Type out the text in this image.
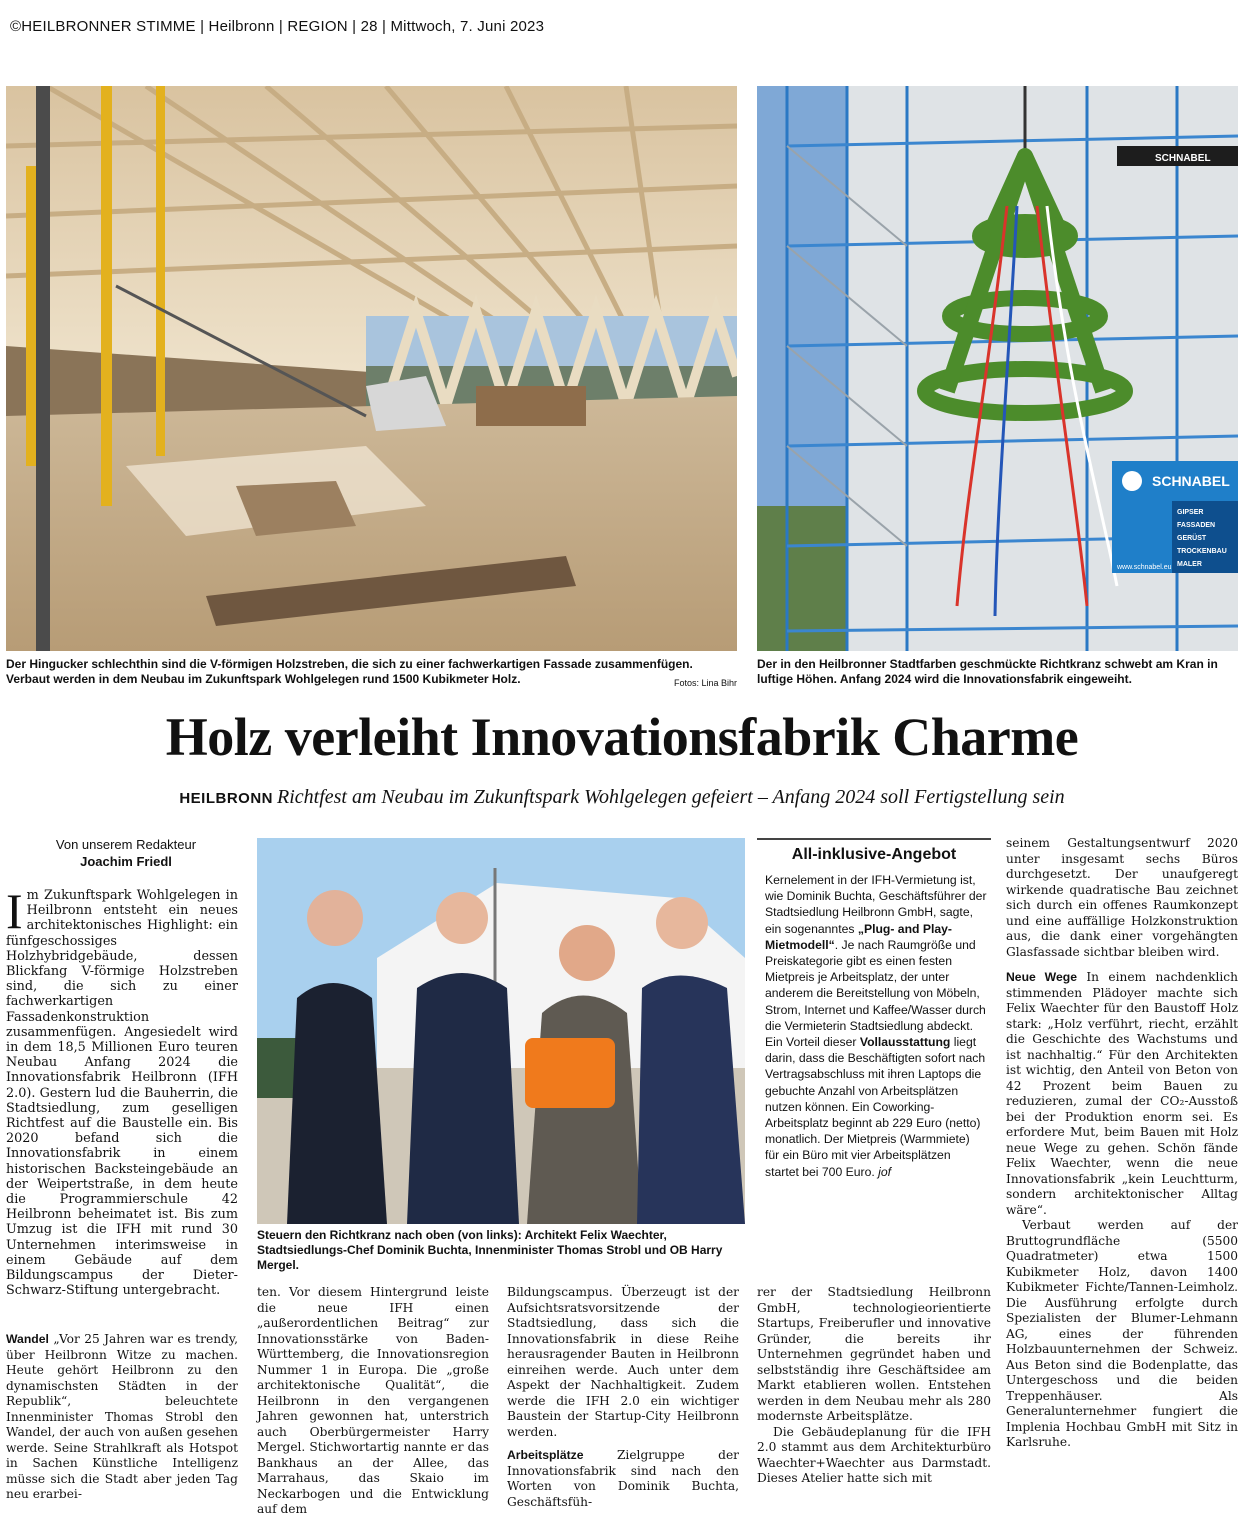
©HEILBRONNER STIMME | Heilbronn | REGION | 28 | Mittwoch, 7. Juni 2023
SCHNABEL
SCHNABEL
GIPSER
FASSADEN
GERÜST
TROCKENBAU
MALER
www.schnabel.eu
Der Hingucker schlechthin sind die V-förmigen Holzstreben, die sich zu einer fachwerkartigen Fassade zusammenfügen. Verbaut werden in dem Neubau im Zukunftspark Wohlgelegen rund 1500 Kubikmeter Holz.	Fotos: Lina Bihr
Der in den Heilbronner Stadtfarben geschmückte Richtkranz schwebt am Kran in luftige Höhen. Anfang 2024 wird die Innovationsfabrik eingeweiht.
Holz verleiht Innovationsfabrik Charme
HEILBRONN Richtfest am Neubau im Zukunftspark Wohlgelegen gefeiert – Anfang 2024 soll Fertigstellung sein
Von unserem Redakteur
Joachim Friedl
Im Zukunftspark Wohlgelegen in Heilbronn entsteht ein neues architektonisches Highlight: ein fünfgeschossiges Holzhybridgebäude, dessen Blickfang V-förmige Holzstreben sind, die sich zu einer fachwerkartigen Fassadenkonstruktion zusammenfügen. Angesiedelt wird in dem 18,5 Millionen Euro teuren Neubau Anfang 2024 die Innovationsfabrik Heilbronn (IFH 2.0). Gestern lud die Bauherrin, die Stadtsiedlung, zum geselligen Richtfest auf die Baustelle ein. Bis 2020 befand sich die Innovationsfabrik in einem historischen Backsteingebäude an der Weipertstraße, in dem heute die Programmierschule 42 Heilbronn beheimatet ist. Bis zum Umzug ist die IFH mit rund 30 Unternehmen interimsweise in einem Gebäude auf dem Bildungscampus der Dieter-Schwarz-Stiftung untergebracht.
Wandel „Vor 25 Jahren war es trendy, über Heilbronn Witze zu machen. Heute gehört Heilbronn zu den dynamischsten Städten in der Republik“, beleuchtete Innenminister Thomas Strobl den Wandel, der auch von außen gesehen werde. Seine Strahlkraft als Hotspot in Sachen Künstliche Intelligenz müsse sich die Stadt aber jeden Tag neu erarbei-
Steuern den Richtkranz nach oben (von links): Architekt Felix Waechter, Stadtsiedlungs-Chef Dominik Buchta, Innenminister Thomas Strobl und OB Harry Mergel.
ten. Vor diesem Hintergrund leiste die neue IFH einen „außerordentlichen Beitrag“ zur Innovationsstärke von Baden-Württemberg, die Innovationsregion Nummer 1 in Europa. Die „große architektonische Qualität“, die Heilbronn in den vergangenen Jahren gewonnen hat, unterstrich auch Oberbürgermeister Harry Mergel. Stichwortartig nannte er das Bankhaus an der Allee, das Marrahaus, das Skaio im Neckarbogen und die Entwicklung auf dem

Bildungscampus. Überzeugt ist der Aufsichtsratsvorsitzende der Stadtsiedlung, dass sich die Innovationsfabrik in diese Reihe herausragender Bauten in Heilbronn einreihen werde. Auch unter dem Aspekt der Nachhaltigkeit. Zudem werde die IFH 2.0 ein wichtiger Baustein der Startup-City Heilbronn werden.

Arbeitsplätze	Zielgruppe der Innovationsfabrik sind nach den Worten von Dominik Buchta, Geschäftsfüh-

All-inklusive-Angebot
Kernelement in der IFH-Vermietung ist, wie Dominik Buchta, Geschäftsführer der Stadtsiedlung Heilbronn GmbH, sagte, ein sogenanntes „Plug- and Play-Mietmodell“. Je nach Raumgröße und Preiskategorie gibt es einen festen Mietpreis je Arbeitsplatz, der unter anderem die Bereitstellung von Möbeln, Strom, Internet und Kaffee/Wasser durch die Vermieterin Stadtsiedlung abdeckt. Ein Vorteil dieser Vollausstattung liegt darin, dass die Beschäftigten sofort nach Vertragsabschluss mit ihren Laptops die gebuchte Anzahl von Arbeitsplätzen nutzen können. Ein Coworking-Arbeitsplatz beginnt ab 229 Euro (netto) monatlich. Der Mietpreis (Warmmiete) für ein Büro mit vier Arbeitsplätzen startet bei 700 Euro. jof

rer der Stadtsiedlung Heilbronn GmbH, technologieorientierte Startups, Freiberufler und innovative Gründer, die bereits ihr Unternehmen gegründet haben und selbstständig ihre Geschäftsidee am Markt etablieren wollen. Entstehen werden in dem Neubau mehr als 280 modernste Arbeitsplätze.

Die Gebäudeplanung für die IFH 2.0 stammt aus dem Architekturbüro Waechter+Waechter aus Darmstadt. Dieses Atelier hatte sich mit

seinem Gestaltungsentwurf 2020 unter insgesamt sechs Büros durchgesetzt. Der unaufgeregt wirkende quadratische Bau zeichnet sich durch ein offenes Raumkonzept und eine auffällige Holzkonstruktion aus, die dank einer vorgehängten Glasfassade sichtbar bleiben wird.

Neue Wege In einem nachdenklich stimmenden Plädoyer machte sich Felix Waechter für den Baustoff Holz stark: „Holz verführt, riecht, erzählt die Geschichte des Wachstums und ist nachhaltig.“ Für den Architekten ist wichtig, den Anteil von Beton von 42 Prozent beim Bauen zu reduzieren, zumal der CO₂-Ausstoß bei der Produktion enorm sei. Es erfordere Mut, beim Bauen mit Holz neue Wege zu gehen. Schön fände Felix Waechter, wenn die neue Innovationsfabrik „kein Leuchtturm, sondern architektonischer Alltag wäre“.

Verbaut werden auf der Bruttogrundfläche (5500 Quadratmeter) etwa 1500 Kubikmeter Holz, davon 1400 Kubikmeter Fichte/Tannen-Leimholz. Die Ausführung erfolgte durch Spezialisten der Blumer-Lehmann AG, eines der führenden Holzbauunternehmen der Schweiz. Aus Beton sind die Bodenplatte, das Untergeschoss und die beiden Treppenhäuser. Als Generalunternehmer fungiert die Implenia Hochbau GmbH mit Sitz in Karlsruhe.
